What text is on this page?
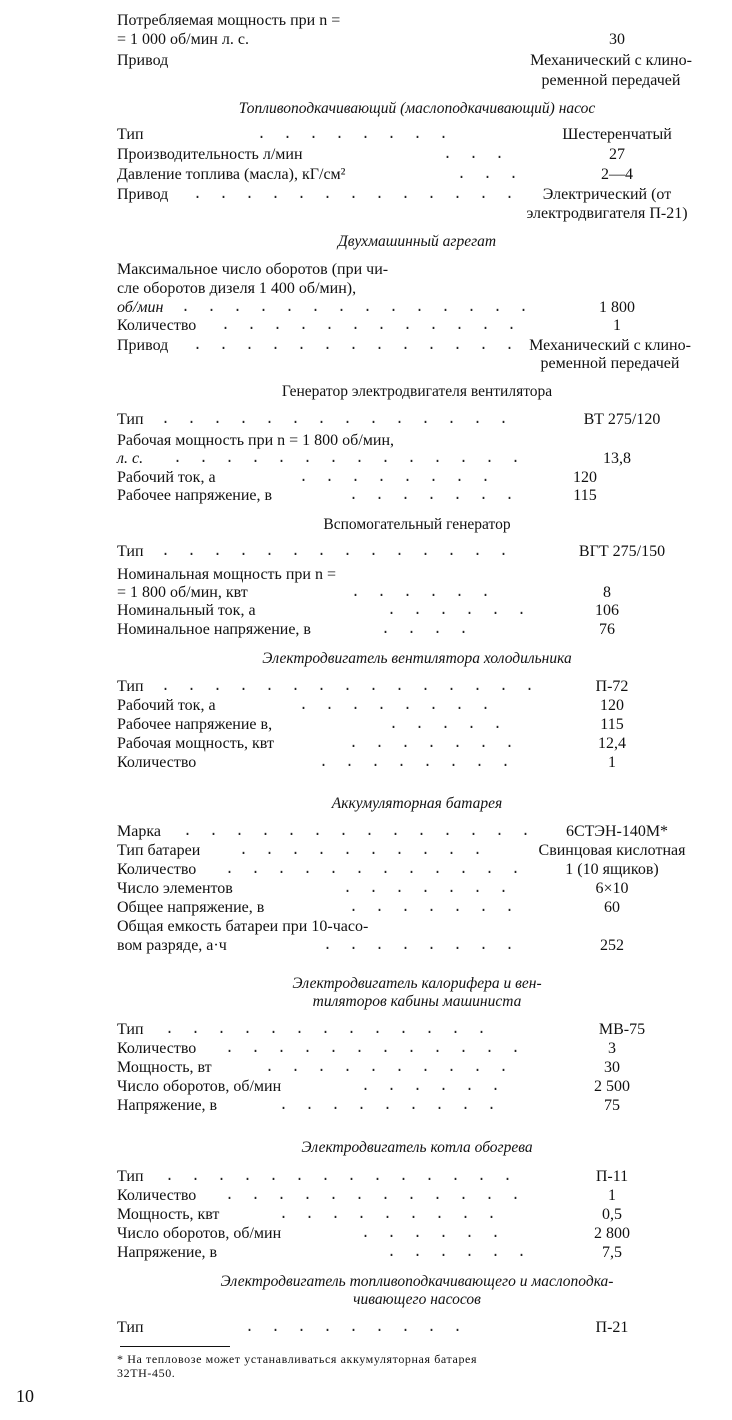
Потребляемая мощность при n =
= 1 000 об/мин л. с.	30
Привод	Механический с клино-
ременной передачей
Топливоподкачивающий (маслоподкачивающий) насос
Тип	. . . . . . . .	Шестеренчатый
Производительность л/мин	. . .	27
Давление топлива (масла), кГ/см²	. . .	2—4
Привод . . . . . . . . . . . . .	Электрический (от
электродвигателя П-21)
Двухмашинный агрегат
Максимальное число оборотов (при чи-
сле оборотов дизеля 1 400 об/мин),
об/мин . . . . . . . . . . . . . .	1 800
Количество . . . . . . . . . . . .	1
Привод . . . . . . . . . . . . . Механический с клино-
ременной передачей
Генератор электродвигателя вентилятора
Тип . . . . . . . . . . . . . .	ВТ 275/120
Рабочая мощность при n = 1 800 об/мин,
л. с. . . . . . . . . . . . . . .	13,8
Рабочий ток, а	. . . . . . . .	120
Рабочее напряжение, в	. . . . . . .	115
Вспомогательный генератор
Тип . . . . . . . . . . . . . .	ВГТ 275/150
Номинальная мощность при n =
= 1 800 об/мин, квт	. . . . . .	8
Номинальный ток, а	. . . . . .	106
Номинальное напряжение, в	. . . .	76
Электродвигатель вентилятора холодильника
Тип . . . . . . . . . . . . . . .	П-72
Рабочий ток, а	. . . . . . . .	120
Рабочее напряжение в,	. . . . .	115
Рабочая мощность, квт	. . . . . . .	12,4
Количество	. . . . . . . .	1
Аккумуляторная батарея
Марка . . . . . . . . . . . . . .	6СТЭН-140М*
Тип батареи	. . . . . . . . . .	Свинцовая кислотная
Количество . . . . . . . . . . . .	1 (10 ящиков)
Число элементов	. . . . . . .	6×10
Общее напряжение, в	. . . . . . .	60
Общая емкость батареи при 10-часо-
вом разряде, а·ч	. . . . . . . .	252
Электродвигатель калорифера и вен-
тиляторов кабины машиниста
Тип . . . . . . . . . . . . .	МВ-75
Количество . . . . . . . . . . . .	3
Мощность, вт	. . . . . . . . . .	30
Число оборотов, об/мин	. . . . . .	2 500
Напряжение, в	. . . . . . . . .	75
Электродвигатель котла обогрева
Тип . . . . . . . . . . . . . .	П-11
Количество . . . . . . . . . . . .	1
Мощность, квт	. . . . . . . . .	0,5
Число оборотов, об/мин	. . . . . .	2 800
Напряжение, в	. . . . . .	7,5
Электродвигатель топливоподкачивающего и маслоподка-
чивающего насосов
Тип	. . . . . . . . .	П-21
* На тепловозе может устанавливаться аккумуляторная батарея
32ТН-450.
10
